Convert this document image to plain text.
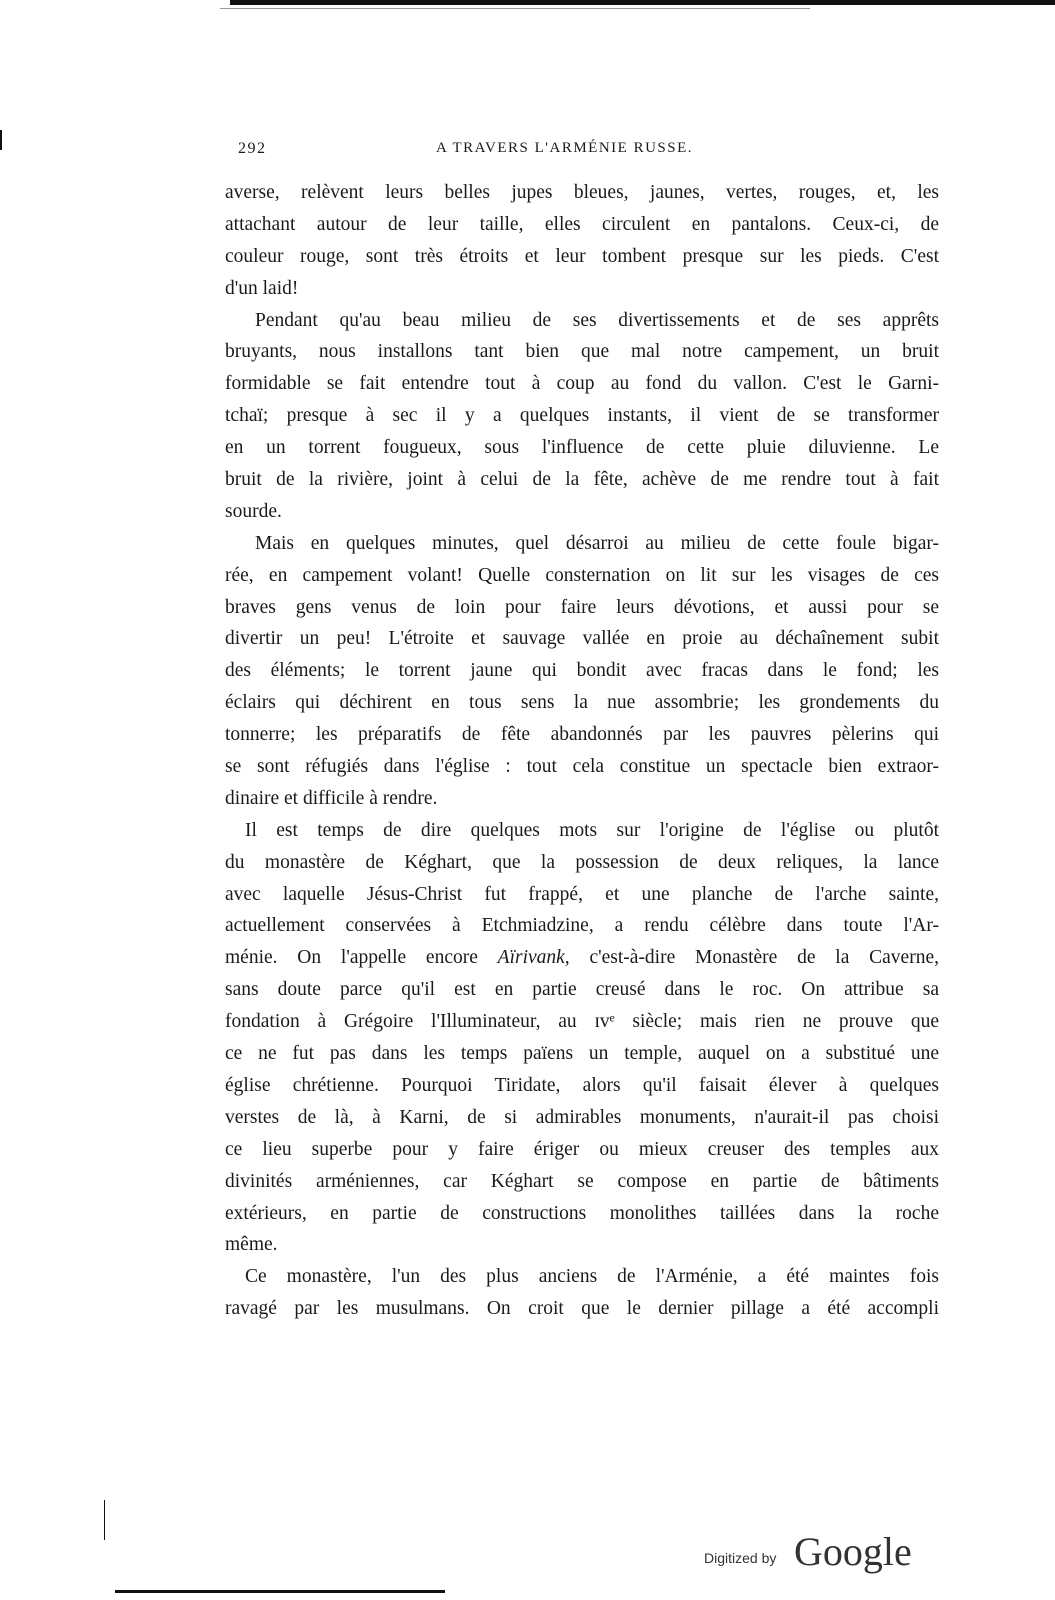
292	A TRAVERS L'ARMÉNIE RUSSE.
averse, relèvent leurs belles jupes bleues, jaunes, vertes, rouges, et, les
attachant autour de leur taille, elles circulent en pantalons. Ceux-ci, de
couleur rouge, sont très étroits et leur tombent presque sur les pieds. C'est
d'un laid!
Pendant qu'au beau milieu de ses divertissements et de ses apprêts
bruyants, nous installons tant bien que mal notre campement, un bruit
formidable se fait entendre tout à coup au fond du vallon. C'est le Garni-
tchaï; presque à sec il y a quelques instants, il vient de se transformer
en un torrent fougueux, sous l'influence de cette pluie diluvienne. Le
bruit de la rivière, joint à celui de la fête, achève de me rendre tout à fait
sourde.
Mais en quelques minutes, quel désarroi au milieu de cette foule bigar-
rée, en campement volant! Quelle consternation on lit sur les visages de ces
braves gens venus de loin pour faire leurs dévotions, et aussi pour se
divertir un peu! L'étroite et sauvage vallée en proie au déchaînement subit
des éléments; le torrent jaune qui bondit avec fracas dans le fond; les
éclairs qui déchirent en tous sens la nue assombrie; les grondements du
tonnerre; les préparatifs de fête abandonnés par les pauvres pèlerins qui
se sont réfugiés dans l'église : tout cela constitue un spectacle bien extraor-
dinaire et difficile à rendre.
Il est temps de dire quelques mots sur l'origine de l'église ou plutôt
du monastère de Kéghart, que la possession de deux reliques, la lance
avec laquelle Jésus-Christ fut frappé, et une planche de l'arche sainte,
actuellement conservées à Etchmiadzine, a rendu célèbre dans toute l'Ar-
ménie. On l'appelle encore Aïrivank, c'est-à-dire Monastère de la Caverne,
sans doute parce qu'il est en partie creusé dans le roc. On attribue sa
fondation à Grégoire l'Illuminateur, au ɪvᵉ siècle; mais rien ne prouve que
ce ne fut pas dans les temps païens un temple, auquel on a substitué une
église chrétienne. Pourquoi Tiridate, alors qu'il faisait élever à quelques
verstes de là, à Karni, de si admirables monuments, n'aurait-il pas choisi
ce lieu superbe pour y faire ériger ou mieux creuser des temples aux
divinités arméniennes, car Kéghart se compose en partie de bâtiments
extérieurs, en partie de constructions monolithes taillées dans la roche
même.
Ce monastère, l'un des plus anciens de l'Arménie, a été maintes fois
ravagé par les musulmans. On croit que le dernier pillage a été accompli
Digitized by Google
